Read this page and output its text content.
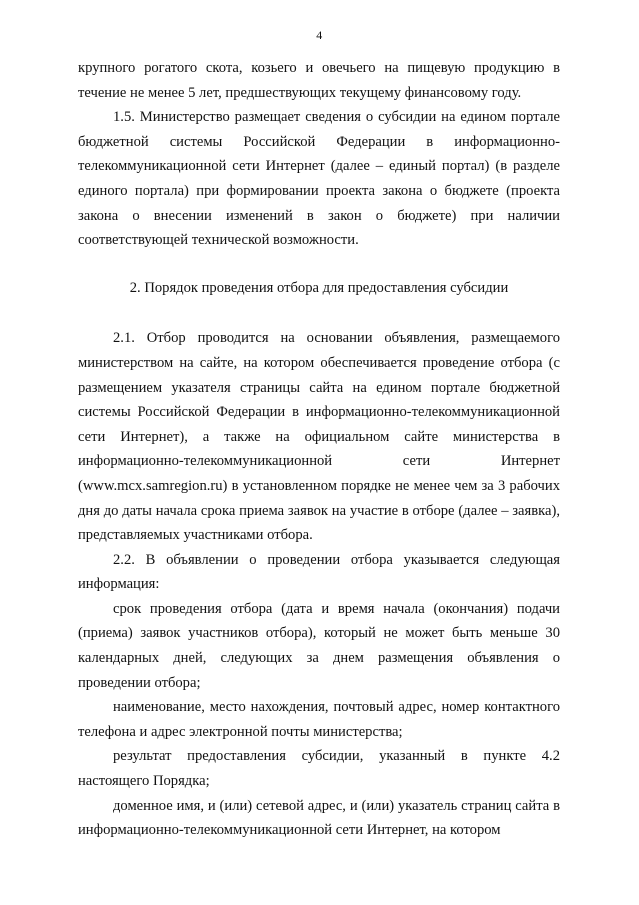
4

крупного рогатого скота, козьего и овечьего на пищевую продукцию в течение не менее 5 лет, предшествующих текущему финансовому году.

1.5. Министерство размещает сведения о субсидии на едином портале бюджетной системы Российской Федерации в информационно-телекоммуникационной сети Интернет (далее – единый портал) (в разделе единого портала) при формировании проекта закона о бюджете (проекта закона о внесении изменений в закон о бюджете) при наличии соответствующей технической возможности.

2. Порядок проведения отбора для предоставления субсидии

2.1. Отбор проводится на основании объявления, размещаемого министерством на сайте, на котором обеспечивается проведение отбора (с размещением указателя страницы сайта на едином портале бюджетной системы Российской Федерации в информационно-телекоммуникационной сети Интернет), а также на официальном сайте министерства в информационно-телекоммуникационной сети Интернет (www.mcx.samregion.ru) в установленном порядке не менее чем за 3 рабочих дня до даты начала срока приема заявок на участие в отборе (далее – заявка), представляемых участниками отбора.

2.2. В объявлении о проведении отбора указывается следующая информация:

срок проведения отбора (дата и время начала (окончания) подачи (приема) заявок участников отбора), который не может быть меньше 30 календарных дней, следующих за днем размещения объявления о проведении отбора;

наименование, место нахождения, почтовый адрес, номер контактного телефона и адрес электронной почты министерства;

результат предоставления субсидии, указанный в пункте 4.2 настоящего Порядка;

доменное имя, и (или) сетевой адрес, и (или) указатель страниц сайта в информационно-телекоммуникационной сети Интернет, на котором
